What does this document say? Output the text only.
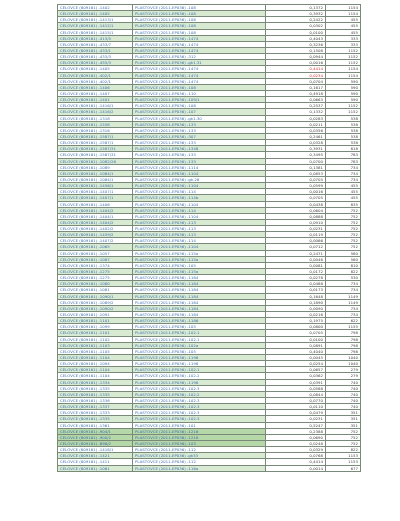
CELOVCE (809161) -1402	PLASTOVCE (2011-EP036) -108	0,1372	1154
CELOVCE (809161) -1405	PLASTOVCE (2011-EP036) -108	0,3932	1154
CELOVCE (809161) -1413/1	PLASTOVCE (2011-EP036) -108	0,2422	455
CELOVCE (809161) -1412/1	PLASTOVCE (2011-EP036) -108	0,0302	455
CELOVCE (809161) -1415/1	PLASTOVCE (2011-EP036) -108	0,0100	455
CELOVCE (809161) -413/5	PLASTOVCE (2011-EP036) -1474	0,4043	333
CELOVCE (809161) -433/7	PLASTOVCE (2011-EP036) -1474	0,3236	333
CELOVCE (809161) -433/1	PLASTOVCE (2011-EP036) -1474	0,1508	1152
CELOVCE (809161) -433/3	PLASTOVCE (2011-EP036) -312	0,0944	1152
CELOVCE (809161) -455/3	PLASTOVCE (2011-EP036) -gk1.31	0,0016	1152
CELOVCE (809161) -1405	PLASTOVCE (2011-EP036) -1474	0,4414	1154
CELOVCE (809161) -402/1	PLASTOVCE (2011-EP036) -1474	0,0234	1154
CELOVCE (809161) -402/1	PLASTOVCE (2011-EP036) -1474	0,0704	590
CELOVCE (809161) -1406	PLASTOVCE (2011-EP036) -108	0,1617	590
CELOVCE (809161) -1407	PLASTOVCE (2011-EP036) -110	0,4918	590
CELOVCE (809161) -1401	PLASTOVCE (2011-EP036) -109/1	0,0663	590
CELOVCE (809161) -1416/1	PLASTOVCE (2011-EP036) -108	0,2537	1152
CELOVCE (809161) -1416/2	PLASTOVCE (2011-EP036) -107	0,1332	1152
CELOVCE (809161) -1318	PLASTOVCE (2011-EP036) -gk1.30	0,0283	538
CELOVCE (809161) -1558	PLASTOVCE (2011-EP036) -133	0,0211	538
CELOVCE (809161) -1316	PLASTOVCE (2011-EP036) -133	0,0356	538
CELOVCE (809161) -1587/1	PLASTOVCE (2011-EP036) -307	0,2461	538
CELOVCE (809161) -1587/1	PLASTOVCE (2011-EP036) -133	0,0328	538
CELOVCE (809161) -1587/31	PLASTOVCE (2011-EP036) -1348	0,3931	818
CELOVCE (809161) -1587/31	PLASTOVCE (2011-EP036) -133	0,3495	783
CELOVCE (809161) -1082/26	PLASTOVCE (2011-EP036) -133	0,0700	783
CELOVCE (809161) -1089	PLASTOVCE (2011-EP036) -1114	0,1381	734
CELOVCE (809161) -1084/1	PLASTOVCE (2011-EP036) -1104	0,0853	734
CELOVCE (809161) -1084/1	PLASTOVCE (2011-EP036) -gk.28	0,0705	734
CELOVCE (809161) -1456/1	PLASTOVCE (2011-EP036) -1104	0,0599	455
CELOVCE (809161) -1407/1	PLASTOVCE (2011-EP036) -114	0,0016	455
CELOVCE (809161) -1407/1	PLASTOVCE (2011-EP036) -114b	0,0705	455
CELOVCE (809161) -1406	PLASTOVCE (2011-EP036) -1104	0,0438	835
CELOVCE (809161) -1404/2	PLASTOVCE (2011-EP036) -114	0,0604	752
CELOVCE (809161) -1404/1	PLASTOVCE (2011-EP036) -1104	0,0888	752
CELOVCE (809161) -1404/2	PLASTOVCE (2011-EP036) -113	0,0910	752
CELOVCE (809161) -1402/2	PLASTOVCE (2011-EP036) -113	0,0231	752
CELOVCE (809161) -1459/2	PLASTOVCE (2011-EP036) -113	0,0119	752
CELOVCE (809161) -1407/2	PLASTOVCE (2011-EP036) -114	0,0066	752
CELOVCE (809161) -1065	PLASTOVCE (2011-EP036) -1104	0,0712	752
CELOVCE (809161) -1057	PLASTOVCE (2011-EP036) -115a	0,2471	580
CELOVCE (809161) -1087	PLASTOVCE (2011-EP036) -115a	0,0046	580
CELOVCE (809161) -1374	PLASTOVCE (2011-EP036) -105	0,0081	810
CELOVCE (809161) -1275	PLASTOVCE (2011-EP036) -115a	0,0172	822
CELOVCE (809161) -1275	PLASTOVCE (2011-EP036) -1184	0,0278	530
CELOVCE (809161) -1080	PLASTOVCE (2011-EP036) -1184	0,0488	734
CELOVCE (809161) -1081	PLASTOVCE (2011-EP036) -1184	0,0173	734
CELOVCE (809161) -1090/1	PLASTOVCE (2011-EP036) -1184	0,1648	1149
CELOVCE (809161) -1089/2	PLASTOVCE (2011-EP036) -1184	0,1890	1149
CELOVCE (809161) -1090/2	PLASTOVCE (2011-EP036) -1184	0,0090	734
CELOVCE (809161) -1091	PLASTOVCE (2011-EP036) -1184	0,0216	734
CELOVCE (809161) -1101	PLASTOVCE (2011-EP036) -1186	0,1975	622
CELOVCE (809161) -1099	PLASTOVCE (2011-EP036) -105	0,0800	1155
CELOVCE (809161) -1101	PLASTOVCE (2011-EP036) -102.1	0,0705	798
CELOVCE (809161) -1102	PLASTOVCE (2011-EP036) -102.1	0,0100	798
CELOVCE (809161) -1103	PLASTOVCE (2011-EP036) -102a	0,0891	798
CELOVCE (809161) -1105	PLASTOVCE (2011-EP036) -105	0,4040	798
CELOVCE (809161) -1104	PLASTOVCE (2011-EP036) -1198	0,0045	1040
CELOVCE (809161) -1094	PLASTOVCE (2011-EP036) -1198	0,0254	1040
CELOVCE (809161) -1104	PLASTOVCE (2011-EP036) -102.1	0,0657	279
CELOVCE (809161) -1104	PLASTOVCE (2011-EP036) -102.2	0,0362	279
CELOVCE (809161) -1334	PLASTOVCE (2011-EP036) -1196	0,0391	740
CELOVCE (809161) -1335	PLASTOVCE (2011-EP036) -102.3	0,0588	740
CELOVCE (809161) -1335	PLASTOVCE (2011-EP036) -102.2	0,0844	740
CELOVCE (809161) -1336	PLASTOVCE (2011-EP036) -102.3	0,0770	740
CELOVCE (809161) -1337	PLASTOVCE (2011-EP036) -102.3	0,0110	740
CELOVCE (809161) -1333	PLASTOVCE (2011-EP036) -102.3	0,0479	351
CELOVCE (809161) -1335	PLASTOVCE (2011-EP036) -102.3	0,0231	351
CELOVCE (809161) -1361	PLASTOVCE (2011-EP036) -101	0,5247	351
CELOVCE (809161) -904/1	PLASTOVCE (2011-EP036) -1216	0,2388	752
CELOVCE (809161) -900/2	PLASTOVCE (2011-EP036) -1216	0,0690	752
CELOVCE (809161) -898/2	PLASTOVCE (2011-EP036) -103	0,0248	752
CELOVCE (809161) -1418/1	PLASTOVCE (2011-EP036) -112	0,0329	822
CELOVCE (809161) -1421	PLASTOVCE (2011-EP036) -gk33	0,0768	1153
CELOVCE (809161) -1411	PLASTOVCE (2011-EP036) -112	0,4414	1153
CELOVCE (809161) -1061	PLASTOVCE (2011-EP036) -116a	0,0014	677
